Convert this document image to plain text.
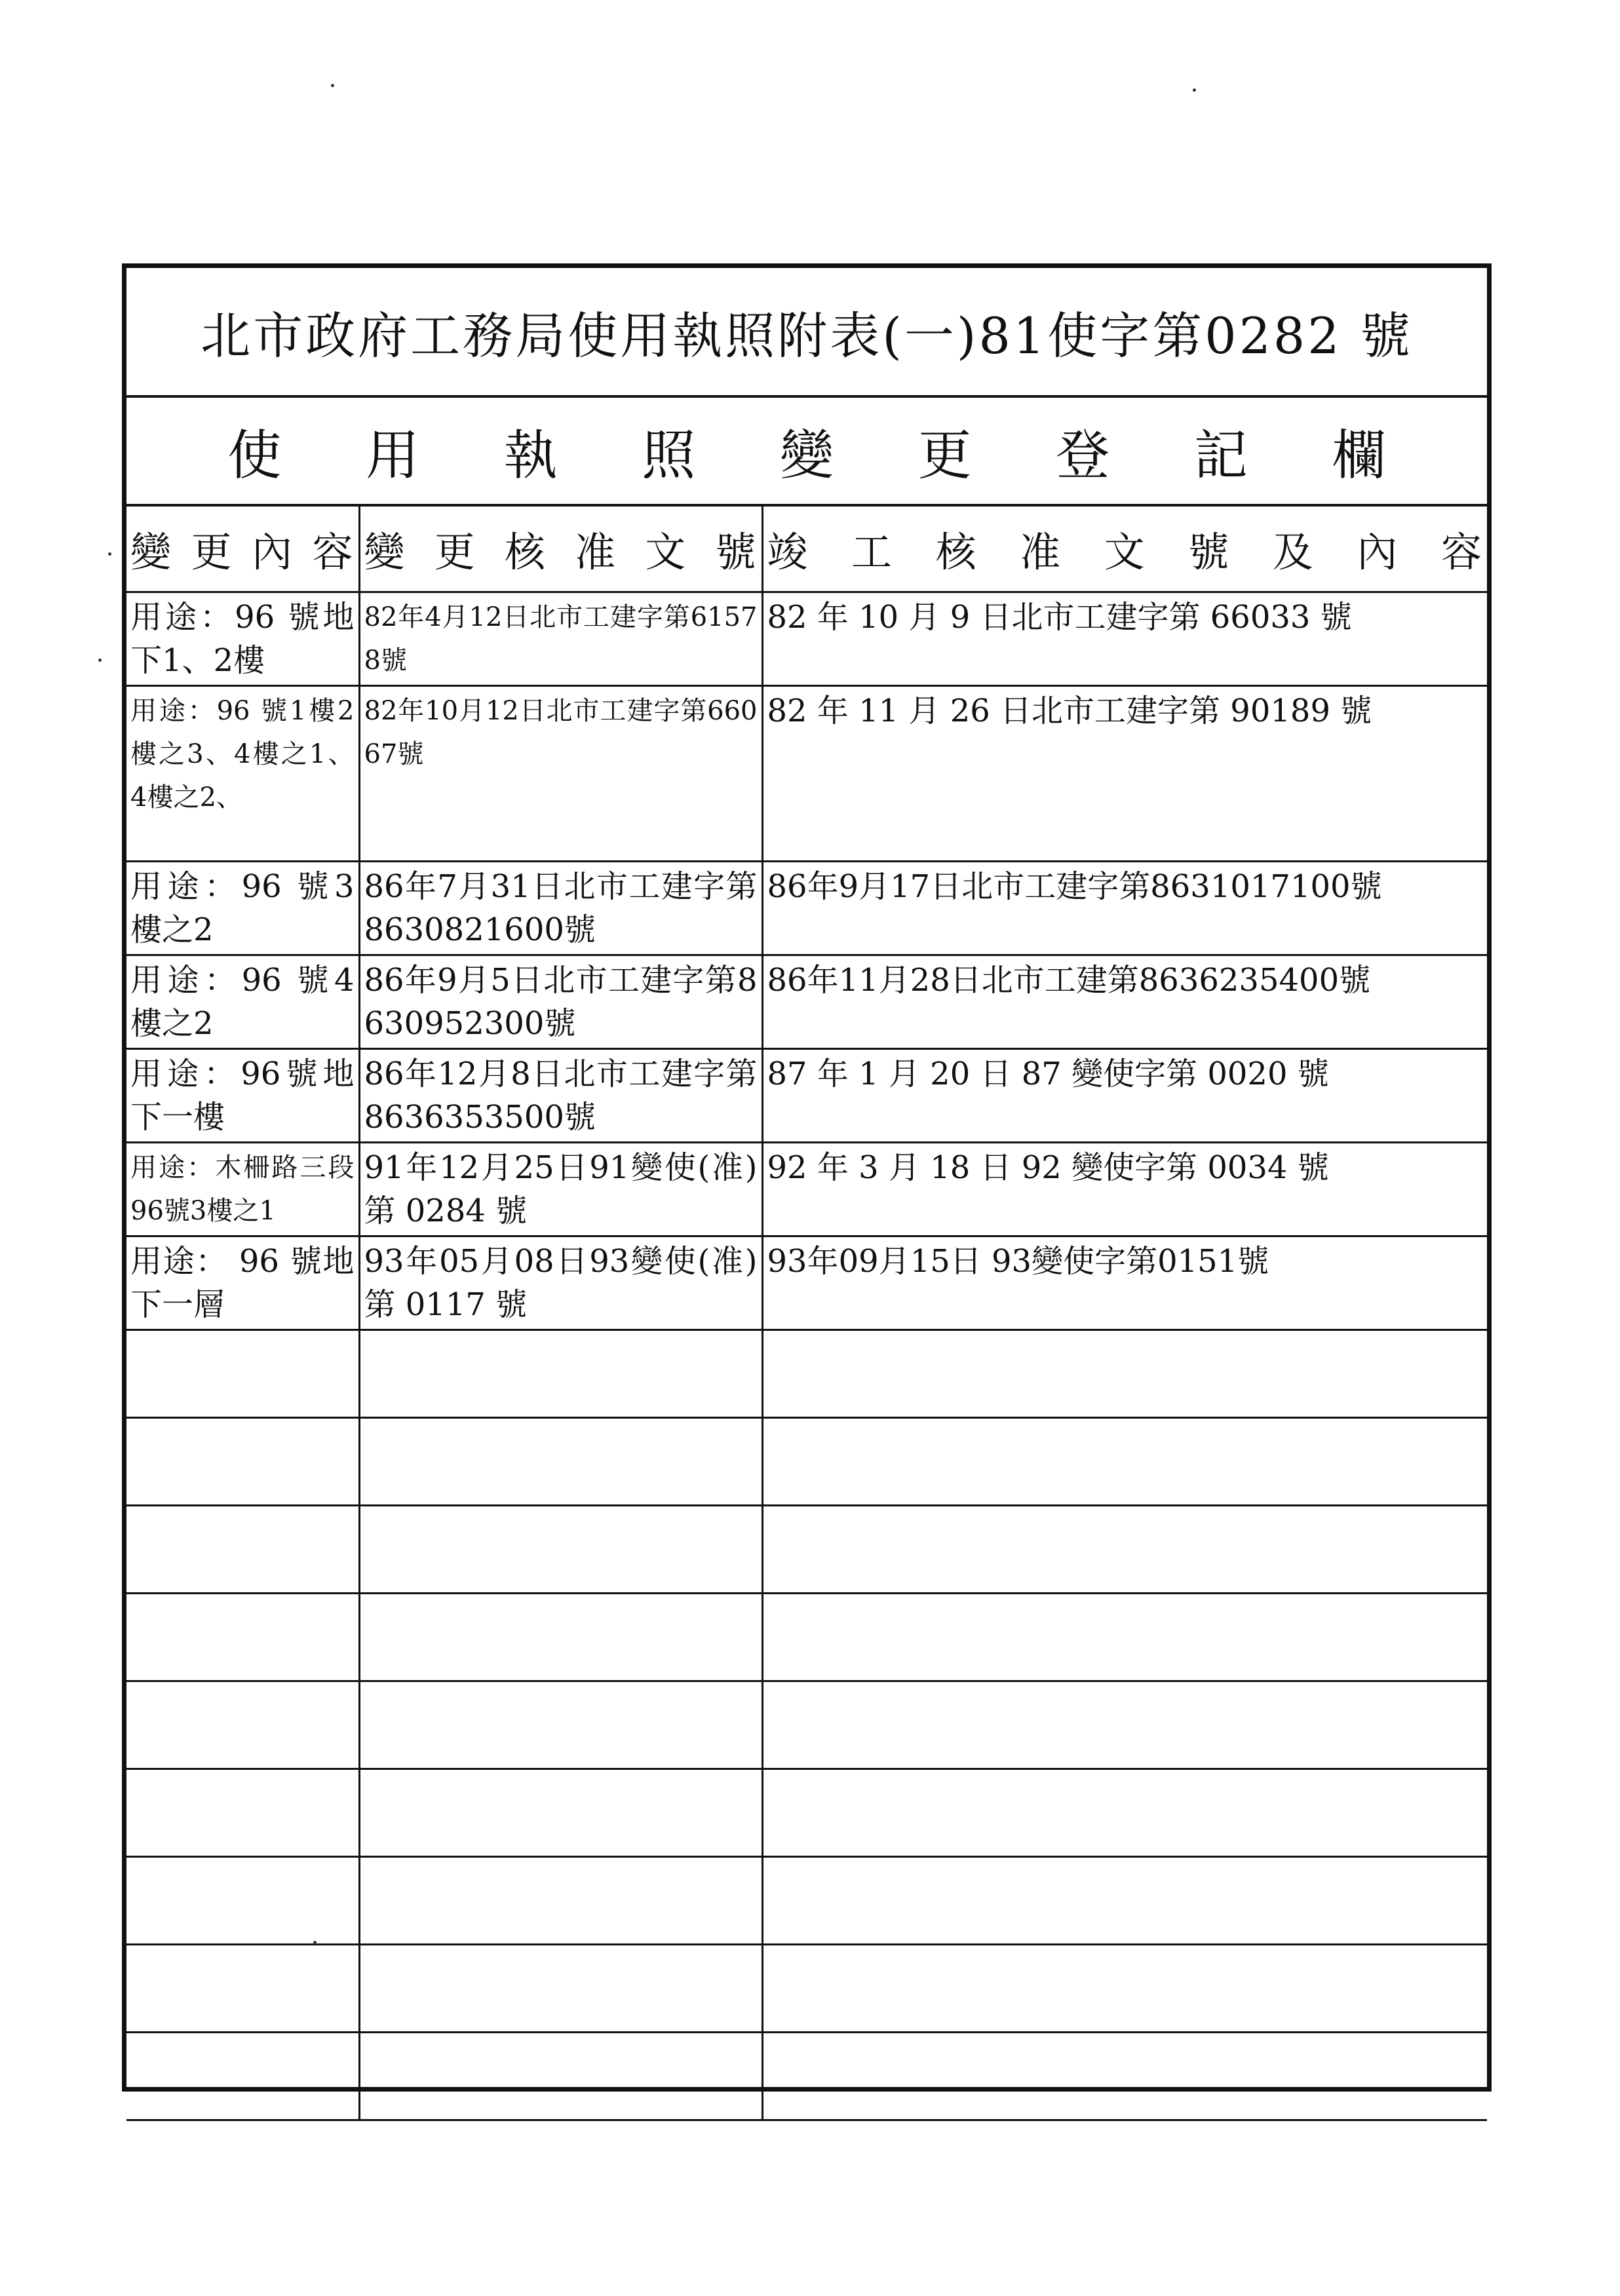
北市政府工務局使用執照附表(一)81使字第0282 號
使 用 執 照 變 更 登 記 欄
變更內容	變更核准文號	竣工核准文號及內容

用途：96 號地下1、2樓	82年4月12日北市工建字第61578號	82 年 10 月 9 日北市工建字第 66033 號

用途：96 號1樓2樓之3、4樓之1、4樓之2、	82年10月12日北市工建字第66067號	82 年 11 月 26 日北市工建字第 90189 號

用途：96 號3樓之2	86年7月31日北市工建字第8630821600號	86年9月17日北市工建字第8631017100號

用途：96 號4樓之2	86年9月5日北市工建字第8630952300號	86年11月28日北市工建第8636235400號

用途：96號地下一樓	86年12月8日北市工建字第8636353500號	87 年 1 月 20 日 87 變使字第 0020 號

用途：木柵路三段96號3樓之1	91年12月25日91變使(准)第 0284 號	92 年 3 月 18 日 92 變使字第 0034 號

用途： 96 號地下一層	93年05月08日93變使(准)第 0117 號	93年09月15日 93變使字第0151號
